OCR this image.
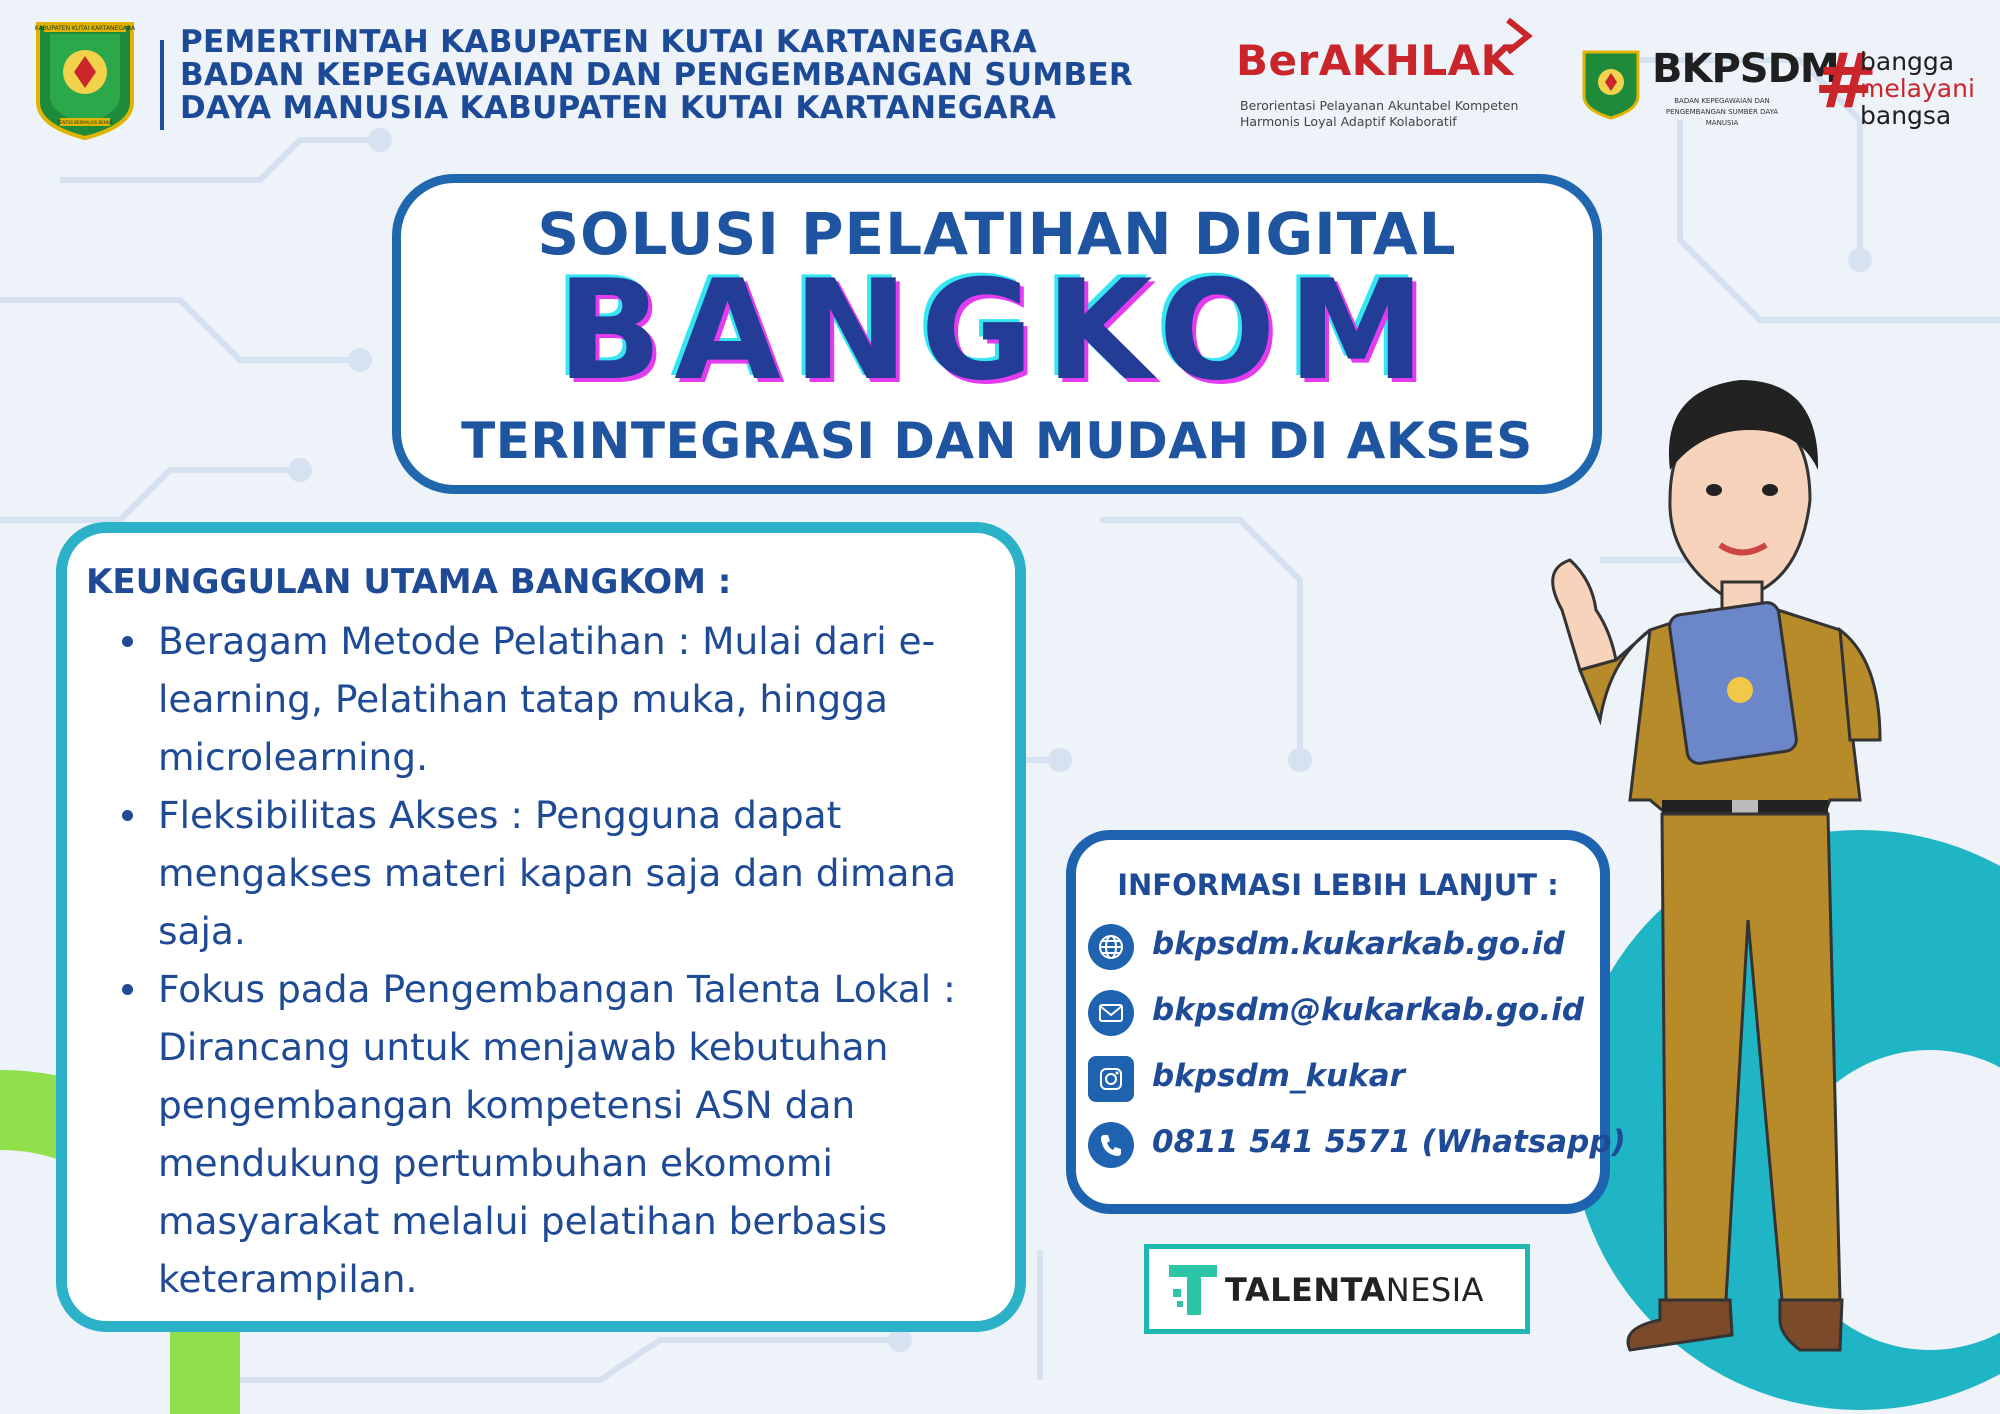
KABUPATEN KUTAI KARTANEGARA
TENTAS BERMALAIS BENNA
PEMERTINTAH KABUPATEN KUTAI KARTANEGARA
BADAN KEPEGAWAIAN DAN PENGEMBANGAN SUMBER
DAYA MANUSIA KABUPATEN KUTAI KARTANEGARA
BerAKHLAK
Berorientasi Pelayanan Akuntabel Kompeten
Harmonis Loyal Adaptif Kolaboratif
BKPSDM
BADAN KEPEGAWAIAN DAN PENGEMBANGAN SUMBER DAYA MANUSIA #
bangga
melayani
bangsa
SOLUSI PELATIHAN DIGITAL
BANGKOM
TERINTEGRASI DAN MUDAH DI AKSES
KEUNGGULAN UTAMA BANGKOM :
Beragam Metode Pelatihan : Mulai dari e-learning, Pelatihan tatap muka, hingga microlearning.
Fleksibilitas Akses : Pengguna dapat mengakses materi kapan saja dan dimana saja.
Fokus pada Pengembangan Talenta Lokal : Dirancang untuk menjawab kebutuhan pengembangan kompetensi ASN dan mendukung pertumbuhan ekomomi masyarakat melalui pelatihan berbasis keterampilan.
INFORMASI LEBIH LANJUT :
bkpsdm.kukarkab.go.id
bkpsdm@kukarkab.go.id
bkpsdm_kukar
0811 541 5571 (Whatsapp)
TALENTANESIA
